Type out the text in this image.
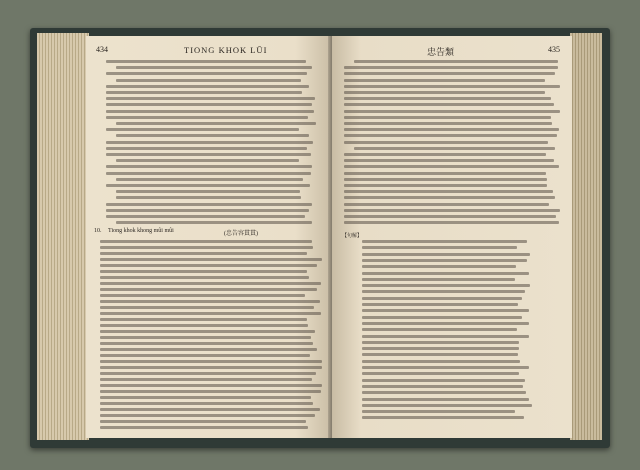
434	TIONG KHOK LŪI
10. Tiong khok khong mûi mûi	(忠告容貫貫)
忠告類	435
【句解】
